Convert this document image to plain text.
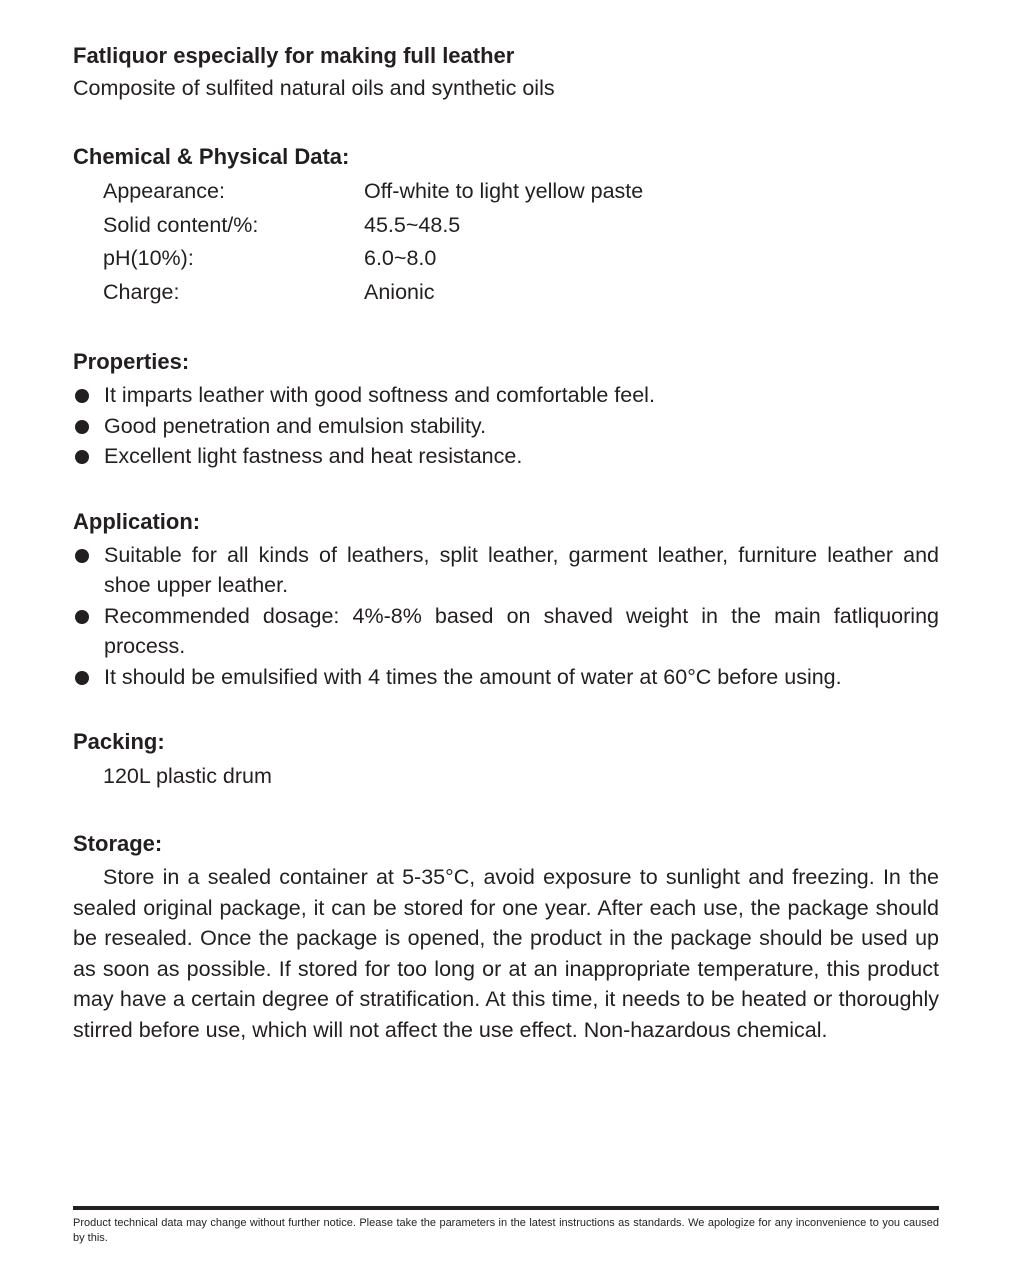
Fatliquor especially for making full leather

Composite of sulfited natural oils and synthetic oils

Chemical & Physical Data:
Appearance:	Off-white to light yellow paste
Solid content/%:	45.5~48.5
pH(10%):	6.0~8.0
Charge:	Anionic
Properties:
It imparts leather with good softness and comfortable feel.
Good penetration and emulsion stability.
Excellent light fastness and heat resistance.
Application:
Suitable for all kinds of leathers, split leather, garment leather, furniture leather and shoe upper leather.
Recommended dosage: 4%-8% based on shaved weight in the main fatliquoring process.
It should be emulsified with 4 times the amount of water at 60°C before using.
Packing:

120L plastic drum

Storage:

Store in a sealed container at 5-35°C, avoid exposure to sunlight and freezing. In the sealed original package, it can be stored for one year. After each use, the package should be resealed. Once the package is opened, the product in the package should be used up as soon as possible. If stored for too long or at an inappropriate temperature, this product may have a certain degree of stratification. At this time, it needs to be heated or thoroughly stirred before use, which will not affect the use effect. Non-hazardous chemical.

Product technical data may change without further notice. Please take the parameters in the latest instructions as standards. We apologize for any inconvenience to you caused by this.
